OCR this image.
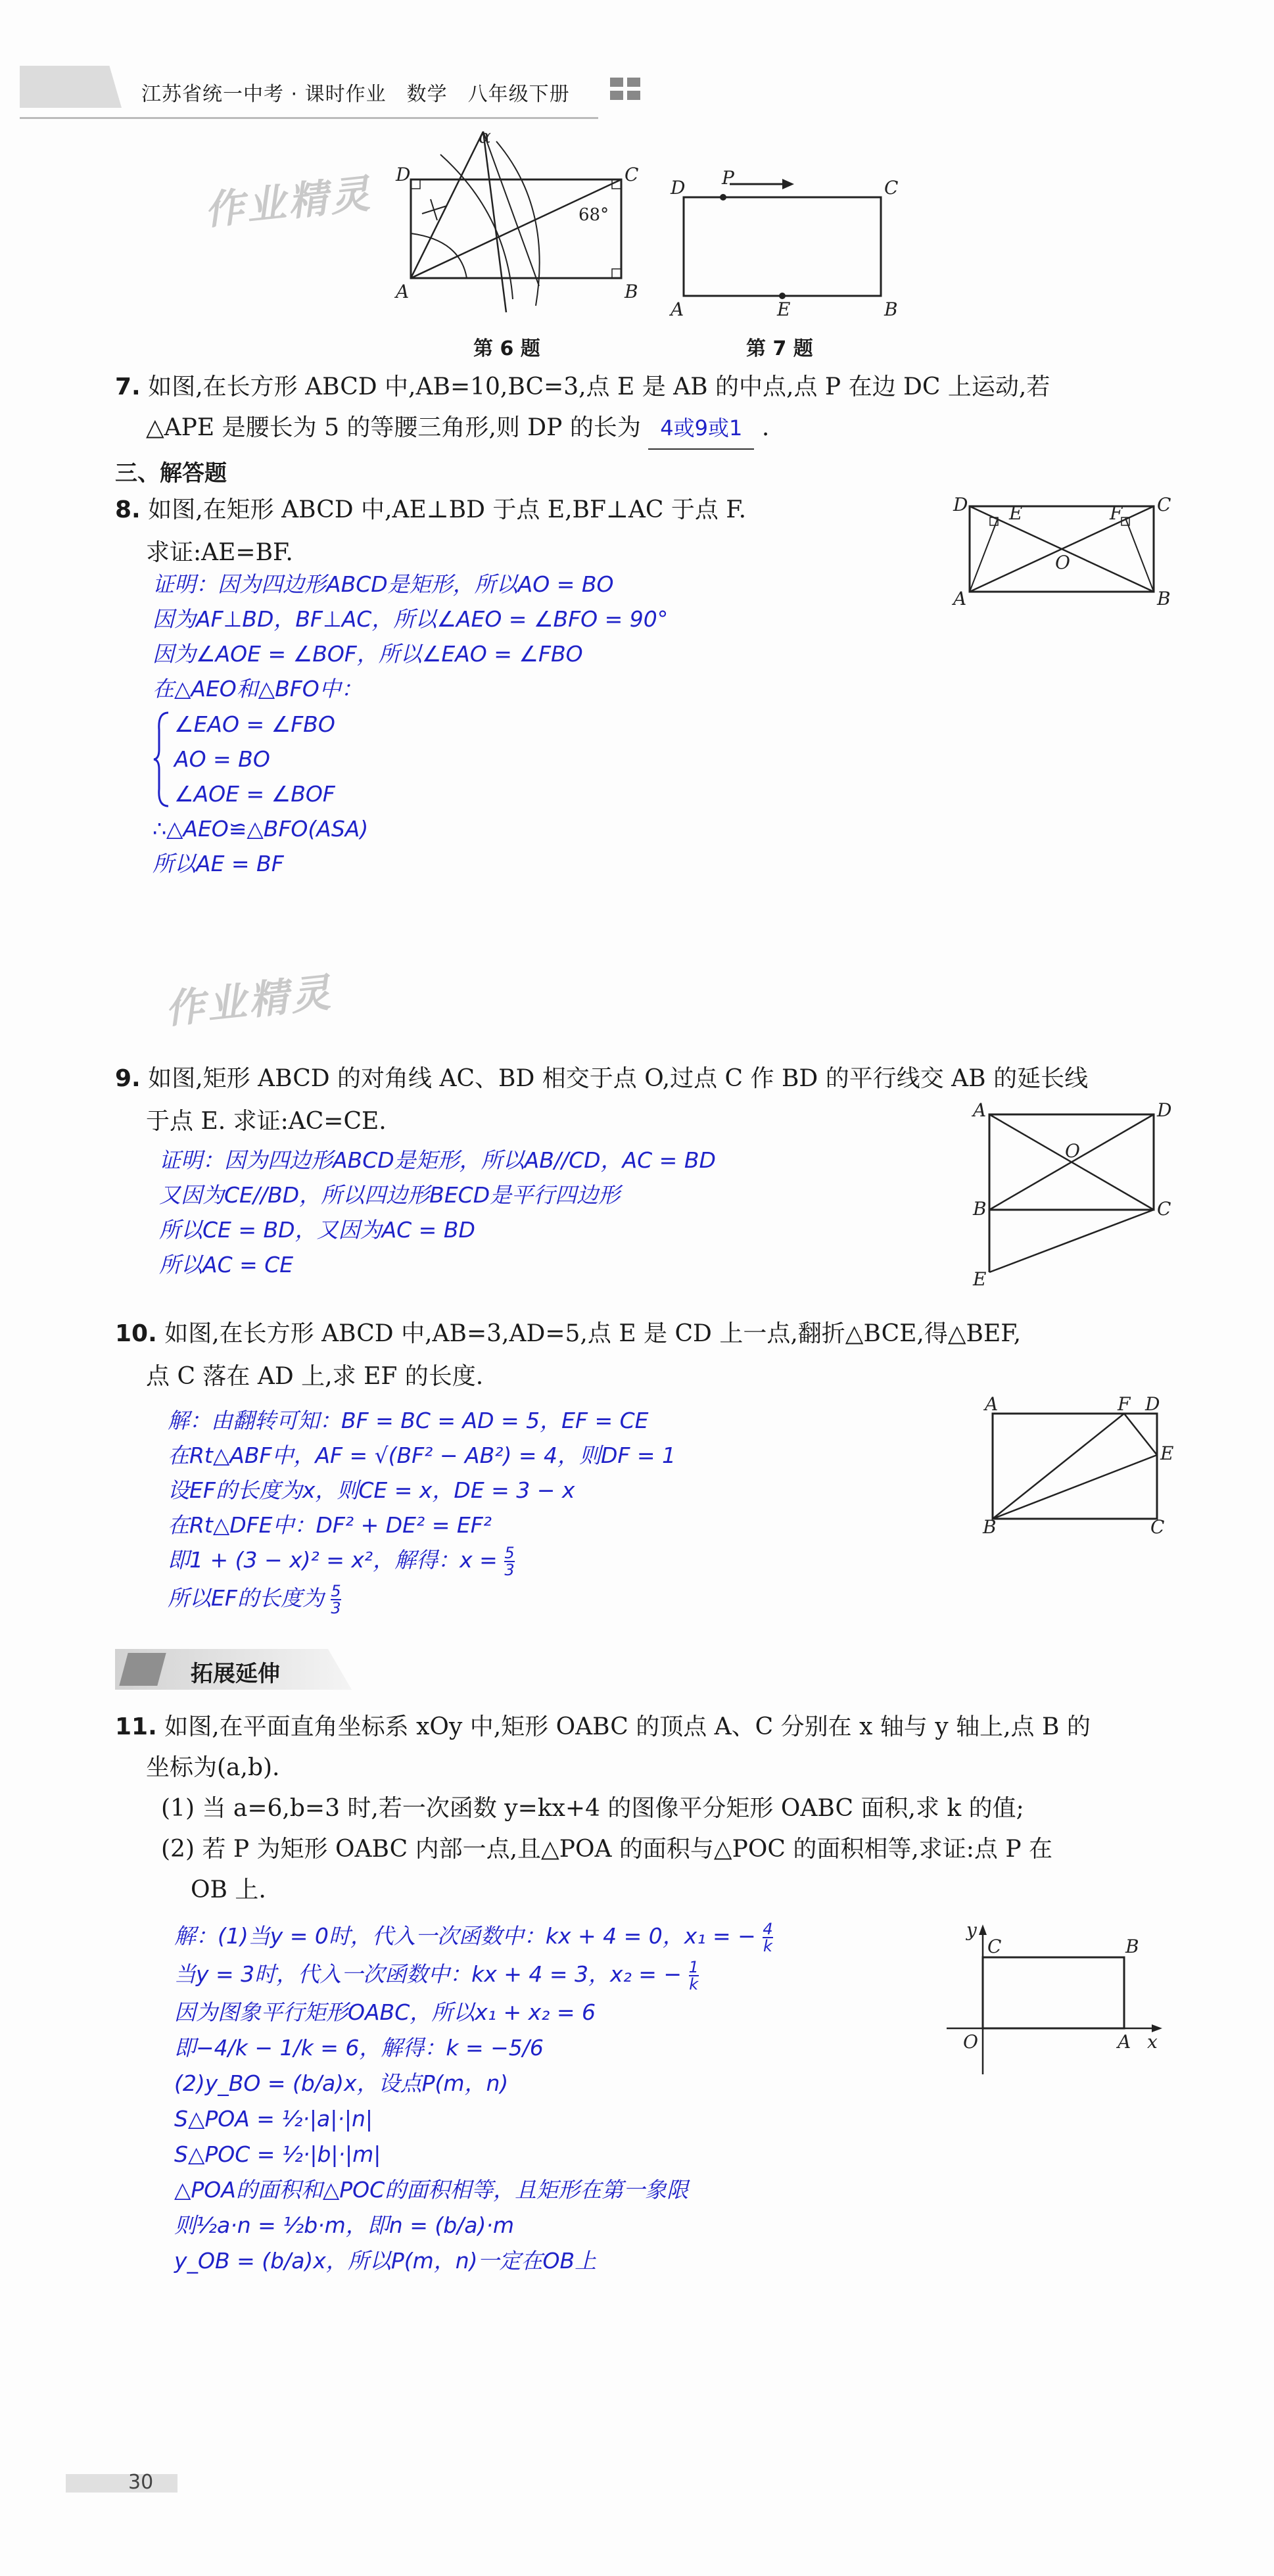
江苏省统一中考 · 课时作业　数学　八年级下册
作业精灵
作业精灵
D	C
A	B
α
68°
第 6 题
D P	C
A	E	B
第 7 题
7. 如图,在长方形 ABCD 中,AB=10,BC=3,点 E 是 AB 的中点,点 P 在边 DC 上运动,若
△APE 是腰长为 5 的等腰三角形,则 DP 的长为 4或9或1 .
三、解答题
8. 如图,在矩形 ABCD 中,AE⊥BD 于点 E,BF⊥AC 于点 F.
求证:AE=BF.
D	C
A	B
E	F
O
证明：因为四边形ABCD是矩形，所以AO = BO
因为AF⊥BD，BF⊥AC，所以∠AEO = ∠BFO = 90°
因为∠AOE = ∠BOF，所以∠EAO = ∠FBO
在△AEO和△BFO中：
∠EAO = ∠FBO
AO = BO
∠AOE = ∠BOF
∴△AEO≌△BFO(ASA)
所以AE = BF
9. 如图,矩形 ABCD 的对角线 AC、BD 相交于点 O,过点 C 作 BD 的平行线交 AB 的延长线
于点 E. 求证:AC=CE.	A	D
O
B	C
E
证明：因为四边形ABCD是矩形，所以AB//CD，AC = BD
又因为CE//BD，所以四边形BECD是平行四边形
所以CE = BD，又因为AC = BD
所以AC = CE
10. 如图,在长方形 ABCD 中,AB=3,AD=5,点 E 是 CD 上一点,翻折△BCE,得△BEF,
点 C 落在 AD 上,求 EF 的长度.
A	F D
E
B	C
解：由翻转可知：BF = BC = AD = 5，EF = CE
在Rt△ABF中，AF = √(BF² − AB²) = 4，则DF = 1
设EF的长度为x，则CE = x，DE = 3 − x
在Rt△DFE中：DF² + DE² = EF²
即1 + (3 − x)² = x²，解得：$x = \frac{5}{3}$
所以EF的长度为 $\frac{5}{3}$
拓展延伸
11. 如图,在平面直角坐标系 xOy 中,矩形 OABC 的顶点 A、C 分别在 x 轴与 y 轴上,点 B 的
坐标为(a,b).
(1) 当 a=6,b=3 时,若一次函数 y=kx+4 的图像平分矩形 OABC 面积,求 k 的值;
(2) 若 P 为矩形 OABC 内部一点,且△POA 的面积与△POC 的面积相等,求证:点 P 在
OB 上.
y
C	B
O	A x
解：(1)当y = 0时，代入一次函数中：kx + 4 = 0，x₁ = − $\frac{4}{k}$
当y = 3时，代入一次函数中：kx + 4 = 3，x₂ = − $\frac{1}{k}$
因为图象平行矩形OABC，所以x₁ + x₂ = 6
即−4/k − 1/k = 6，解得：k = −5/6
(2)y_BO = (b/a)x，设点P(m，n)
S△POA = ½·|a|·|n|
S△POC = ½·|b|·|m|
△POA的面积和△POC的面积相等，且矩形在第一象限
则½a·n = ½b·m，即n = (b/a)·m
y_OB = (b/a)x，所以P(m，n)一定在OB上
30
